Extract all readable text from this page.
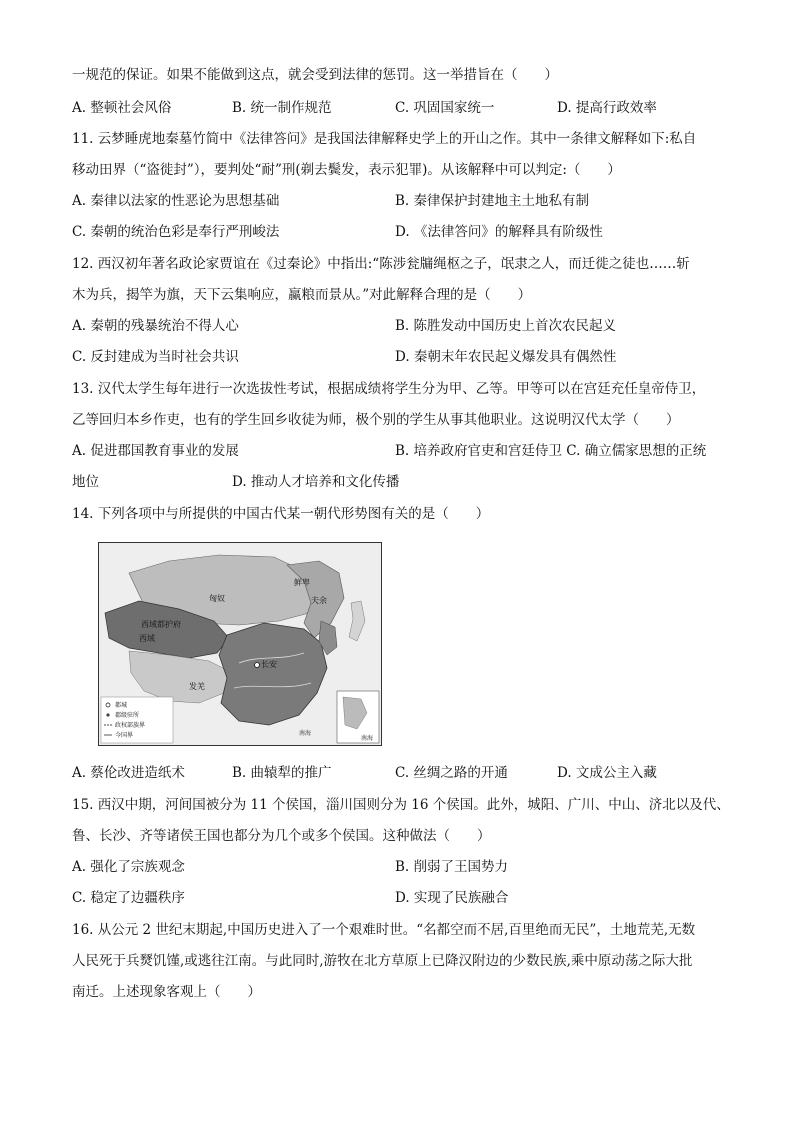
一规范的保证。如果不能做到这点，就会受到法律的惩罚。这一举措旨在（　　）
A. 整顿社会风俗	B. 统一制作规范	C. 巩固国家统一	D. 提高行政效率
11. 云梦睡虎地秦墓竹简中《法律答问》是我国法律解释史学上的开山之作。其中一条律文解释如下:私自
移动田界（“盗徙封”），要判处“耐”刑(剃去鬓发，表示犯罪)。从该解释中可以判定:（　　）
A. 秦律以法家的性恶论为思想基础	B. 秦律保护封建地主土地私有制
C. 秦朝的统治色彩是奉行严刑峻法	D. 《法律答问》的解释具有阶级性
12. 西汉初年著名政论家贾谊在《过秦论》中指出:“陈涉瓮牖绳枢之子，氓隶之人，而迁徙之徒也……斩
木为兵，揭竿为旗，天下云集响应，赢粮而景从。”对此解释合理的是（　　）
A. 秦朝的残暴统治不得人心	B. 陈胜发动中国历史上首次农民起义
C. 反封建成为当时社会共识	D. 秦朝末年农民起义爆发具有偶然性
13. 汉代太学生每年进行一次选拔性考试，根据成绩将学生分为甲、乙等。甲等可以在宫廷充任皇帝侍卫，
乙等回归本乡作吏，也有的学生回乡收徒为师，极个别的学生从事其他职业。这说明汉代太学（　　）
A. 促进郡国教育事业的发展	B. 培养政府官吏和宫廷侍卫 C. 确立儒家思想的正统
地位	D. 推动人才培养和文化传播
14. 下列各项中与所提供的中国古代某一朝代形势图有关的是（　　）
匈奴
鲜卑
夫余
西域都护府
西域
长安
发羌
南海
都城
郡级驻所
政权部族界
今国界	南海
A. 蔡伦改进造纸术	B. 曲辕犁的推广	C. 丝绸之路的开通	D. 文成公主入藏
15. 西汉中期，河间国被分为 11 个侯国，淄川国则分为 16 个侯国。此外，城阳、广川、中山、济北以及代、
鲁、长沙、齐等诸侯王国也都分为几个或多个侯国。这种做法（　　）
A. 强化了宗族观念	B. 削弱了王国势力
C. 稳定了边疆秩序	D. 实现了民族融合
16. 从公元 2 世纪末期起,中国历史进入了一个艰难时世。“名都空而不居,百里绝而无民”，土地荒芜,无数
人民死于兵燹饥馑,或逃往江南。与此同时,游牧在北方草原上已降汉附边的少数民族,乘中原动荡之际大批
南迁。上述现象客观上（　　）
